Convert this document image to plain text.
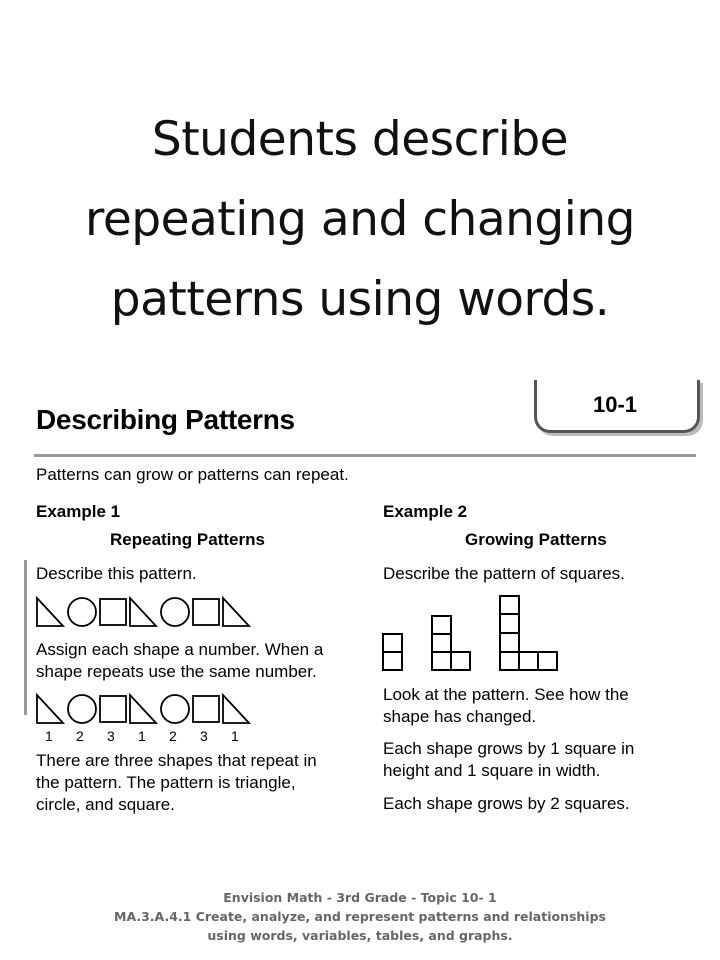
Students describe
repeating and changing
patterns using words.
Describing Patterns	10-1
Patterns can grow or patterns can repeat.
Example 1
Repeating Patterns
Describe this pattern.
Assign each shape a number. When a
shape repeats use the same number.
1 2 3 1 2 3 1
There are three shapes that repeat in
the pattern. The pattern is triangle,
circle, and square.
Example 2
Growing Patterns
Describe the pattern of squares.
Look at the pattern. See how the
shape has changed.
Each shape grows by 1 square in
height and 1 square in width.
Each shape grows by 2 squares.
Envision Math - 3rd Grade - Topic 10- 1
MA.3.A.4.1 Create, analyze, and represent patterns and relationships
using words, variables, tables, and graphs.
